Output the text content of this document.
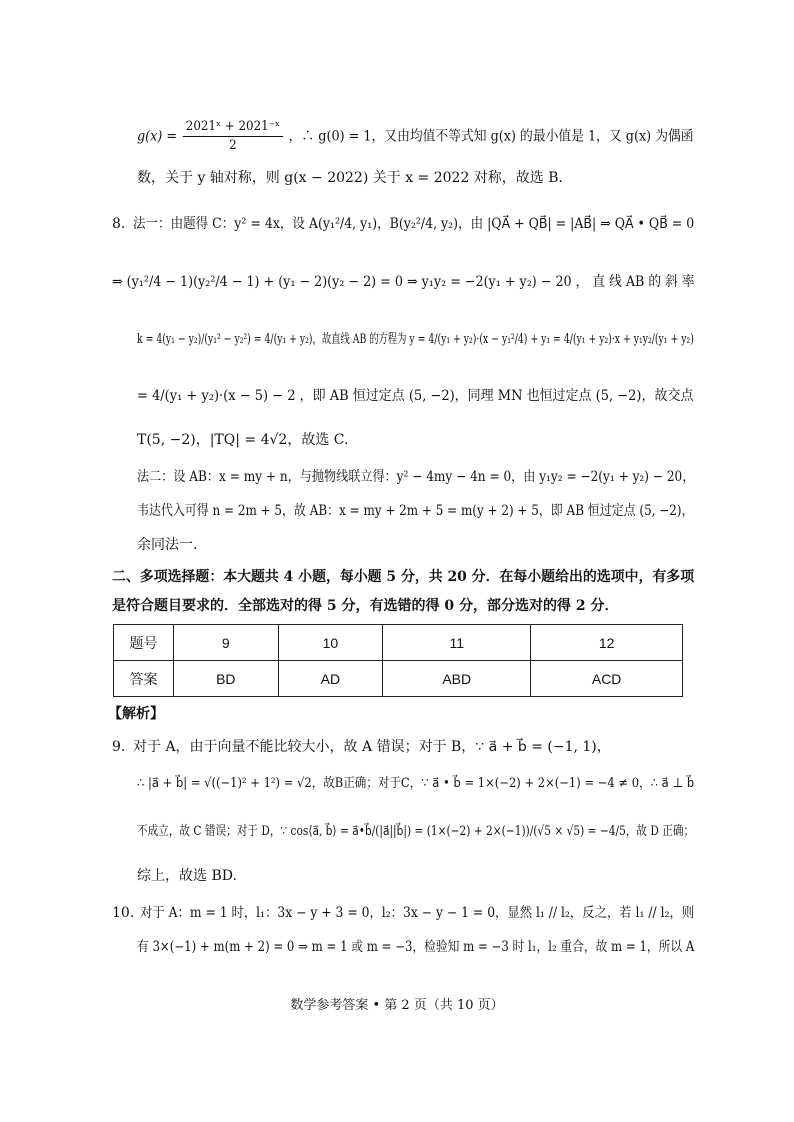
$g(x) = \frac{\text{2021ˣ + 2021⁻ˣ}}{2}$ ，∴ g(0) = 1，又由均值不等式知 g(x) 的最小值是 1，又 g(x) 为偶函
数，关于 y 轴对称，则 g(x − 2022) 关于 x = 2022 对称，故选 B.
8. 法一：由题得 C：y² = 4x，设 A(y₁²/4, y₁)，B(y₂²/4, y₂)，由 |QA⃗ + QB⃗| = |AB⃗| ⇒ QA⃗ • QB⃗ = 0
⇒ (y₁²/4 − 1)(y₂²/4 − 1) + (y₁ − 2)(y₂ − 2) = 0 ⇒ y₁y₂ = −2(y₁ + y₂) − 20 ， 直 线 AB 的 斜 率
k = 4(y₁ − y₂)/(y₁² − y₂²) = 4/(y₁ + y₂)，故直线 AB 的方程为 y = 4/(y₁ + y₂)·(x − y₁²/4) + y₁ = 4/(y₁ + y₂)·x + y₁y₂/(y₁ + y₂)
= 4/(y₁ + y₂)·(x − 5) − 2 ，即 AB 恒过定点 (5, −2)，同理 MN 也恒过定点 (5, −2)，故交点
T(5, −2)，|TQ| = 4√2，故选 C.
法二：设 AB：x = my + n，与抛物线联立得：y² − 4my − 4n = 0，由 y₁y₂ = −2(y₁ + y₂) − 20，
韦达代入可得 n = 2m + 5，故 AB：x = my + 2m + 5 = m(y + 2) + 5，即 AB 恒过定点 (5, −2)，
余同法一.
二、多项选择题：本大题共 4 小题，每小题 5 分，共 20 分．在每小题给出的选项中，有多项
是符合题目要求的．全部选对的得 5 分，有选错的得 0 分，部分选对的得 2 分．
题号	9	10	11	12
答案	BD	AD	ABD	ACD
【解析】
9. 对于 A，由于向量不能比较大小，故 A 错误；对于 B，∵ a⃗ + b⃗ = (−1, 1)，
∴ |a⃗ + b⃗| = √((−1)² + 1²) = √2，故B正确；对于C，∵ a⃗ • b⃗ = 1×(−2) + 2×(−1) = −4 ≠ 0，∴ a⃗ ⊥ b⃗
不成立，故 C 错误；对于 D，∵ cos⟨a⃗, b⃗⟩ = a⃗•b⃗/(|a⃗||b⃗|) = (1×(−2) + 2×(−1))/(√5 × √5) = −4/5，故 D 正确；
综上，故选 BD.
10. 对于 A：m = 1 时，l₁：3x − y + 3 = 0，l₂：3x − y − 1 = 0，显然 l₁ // l₂，反之，若 l₁ // l₂，则
有 3×(−1) + m(m + 2) = 0 ⇒ m = 1 或 m = −3，检验知 m = −3 时 l₁，l₂ 重合，故 m = 1，所以 A
数学参考答案 • 第 2 页（共 10 页）
